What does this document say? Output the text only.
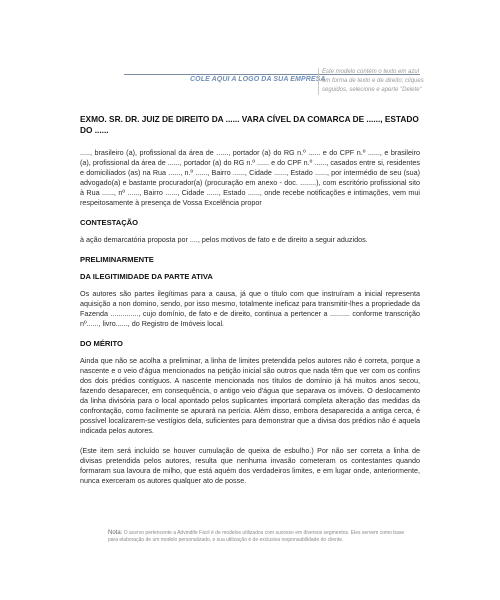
COLE AQUI A LOGO DA SUA EMPRESA
Este modelo contém o texto em azul em forma de texto e de direito; cliques seguidos, selecione e aperte "Delete"
EXMO. SR. DR. JUIZ DE DIREITO DA ...... VARA CÍVEL DA COMARCA DE ......, ESTADO DO ......

....., brasileiro (a), profissional da área de ......, portador (a) do RG n.º ...... e do CPF n.º ......, e brasileiro (a), profissional da área de ......, portador (a) do RG n.º ...... e do CPF n.º ......, casados entre si, residentes e domiciliados (as) na Rua ......, n.º ......, Bairro ......, Cidade ......, Estado ......, por intermédio de seu (sua) advogado(a) e bastante procurador(a) (procuração em anexo - doc. ........), com escritório profissional sito à Rua ......, nº ......, Bairro ......, Cidade ......, Estado ......, onde recebe notificações e intimações, vem mui respeitosamente à presença de Vossa Excelência propor

CONTESTAÇÃO

à ação demarcatória proposta por ...., pelos motivos de fato e de direito a seguir aduzidos.

PRELIMINARMENTE
DA ILEGITIMIDADE DA PARTE ATIVA

Os autores são partes ilegítimas para a causa, já que o título com que instruíram a inicial representa aquisição a non domino, sendo, por isso mesmo, totalmente ineficaz para transmitir-lhes a propriedade da Fazenda .............., cujo domínio, de fato e de direito, continua a pertencer a .......... conforme transcrição nº......, livro......, do Registro de Imóveis local.

DO MÉRITO

Ainda que não se acolha a preliminar, a linha de limites pretendida pelos autores não é correta, porque a nascente e o veio d'água mencionados na petição inicial são outros que nada têm que ver com os confins dos dois prédios contíguos. A nascente mencionada nos títulos de domínio já há muitos anos secou, fazendo desaparecer, em consequência, o antigo veio d'água que separava os imóveis. O deslocamento da linha divisória para o local apontado pelos suplicantes importará completa alteração das medidas da confrontação, como facilmente se apurará na perícia. Além disso, embora desaparecida a antiga cerca, é possível localizarem-se vestígios dela, suficientes para demonstrar que a divisa dos prédios não é aquela indicada pelos autores.

(Este item será incluído se houver cumulação de queixa de esbulho.) Por não ser correta a linha de divisas pretendida pelos autores, resulta que nenhuma invasão cometeram os contestantes quando formaram sua lavoura de milho, que está aquém dos verdadeiros limites, e em lugar onde, anteriormente, nunca exerceram os autores qualquer ato de posse.

Nota: O acervo pertencente a Advindife Fácil é de modelos utilizados com sucesso em diversos segmentos. Eles servem como base para elaboração de um modelo personalizado, e sua utilização é de exclusiva responsabilidade do cliente.
